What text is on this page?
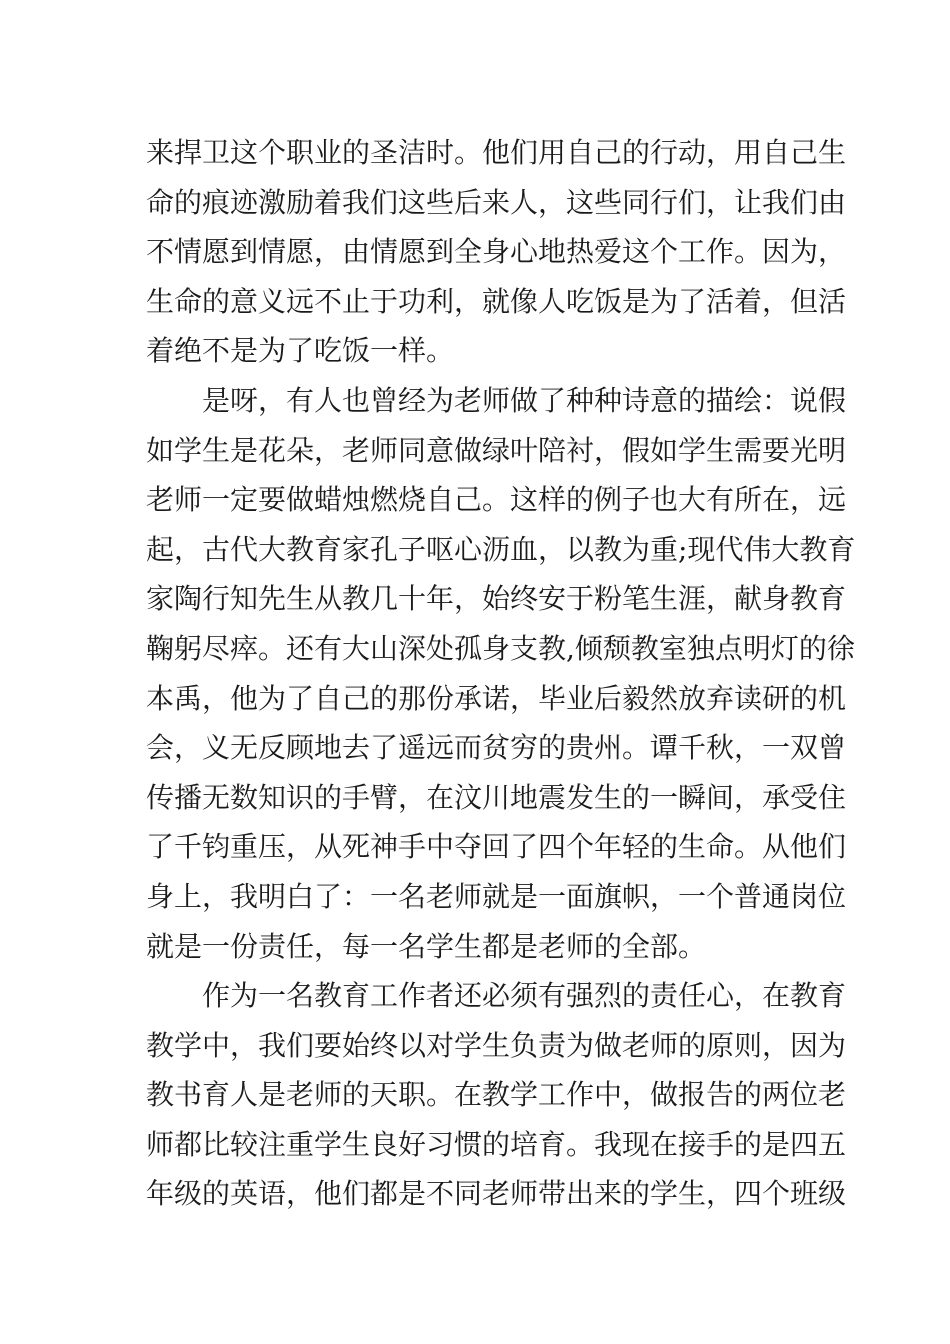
来捍卫这个职业的圣洁时。他们用自己的行动，用自己生
命的痕迹激励着我们这些后来人，这些同行们，让我们由
不情愿到情愿，由情愿到全身心地热爱这个工作。因为，
生命的意义远不止于功利，就像人吃饭是为了活着，但活
着绝不是为了吃饭一样。
是呀，有人也曾经为老师做了种种诗意的描绘：说假
如学生是花朵，老师同意做绿叶陪衬，假如学生需要光明
老师一定要做蜡烛燃烧自己。这样的例子也大有所在，远
起，古代大教育家孔子呕心沥血，以教为重;现代伟大教育
家陶行知先生从教几十年，始终安于粉笔生涯，献身教育
鞠躬尽瘁。还有大山深处孤身支教,倾颓教室独点明灯的徐
本禹，他为了自己的那份承诺，毕业后毅然放弃读研的机
会，义无反顾地去了遥远而贫穷的贵州。谭千秋，一双曾
传播无数知识的手臂，在汶川地震发生的一瞬间，承受住
了千钧重压，从死神手中夺回了四个年轻的生命。从他们
身上，我明白了：一名老师就是一面旗帜，一个普通岗位
就是一份责任，每一名学生都是老师的全部。
作为一名教育工作者还必须有强烈的责任心，在教育
教学中，我们要始终以对学生负责为做老师的原则，因为
教书育人是老师的天职。在教学工作中，做报告的两位老
师都比较注重学生良好习惯的培育。我现在接手的是四五
年级的英语，他们都是不同老师带出来的学生，四个班级
